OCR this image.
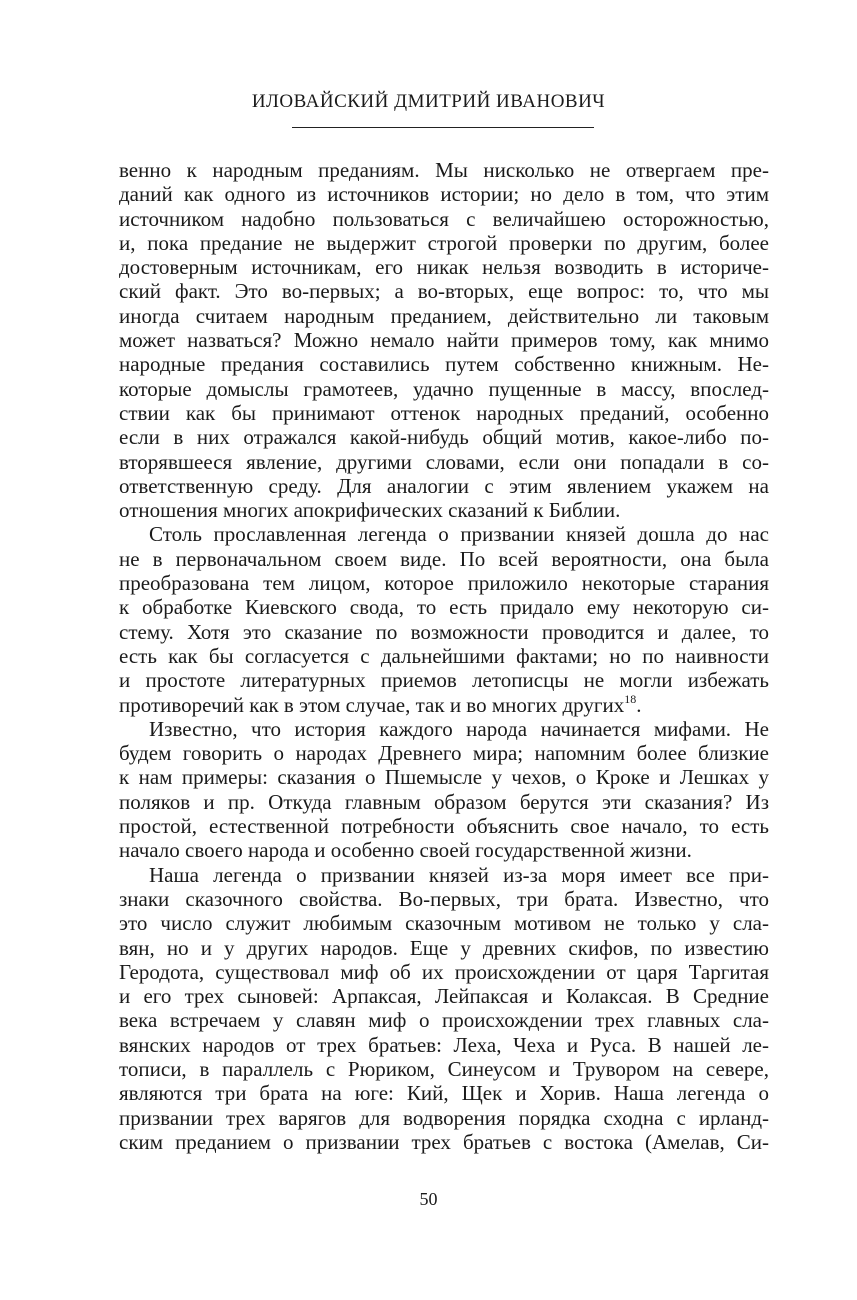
ИЛОВАЙСКИЙ ДМИТРИЙ ИВАНОВИЧ
венно к народным преданиям. Мы нисколько не отвергаем пре-
даний как одного из источников истории; но дело в том, что этим
источником надобно пользоваться с величайшею осторожностью,
и, пока предание не выдержит строгой проверки по другим, более
достоверным источникам, его никак нельзя возводить в историче-
ский факт. Это во-первых; а во-вторых, еще вопрос: то, что мы
иногда считаем народным преданием, действительно ли таковым
может назваться? Можно немало найти примеров тому, как мнимо
народные предания составились путем собственно книжным. Не-
которые домыслы грамотеев, удачно пущенные в массу, впослед-
ствии как бы принимают оттенок народных преданий, особенно
если в них отражался какой-нибудь общий мотив, какое-либо по-
вторявшееся явление, другими словами, если они попадали в со-
ответственную среду. Для аналогии с этим явлением укажем на
отношения многих апокрифических сказаний к Библии.
Столь прославленная легенда о призвании князей дошла до нас
не в первоначальном своем виде. По всей вероятности, она была
преобразована тем лицом, которое приложило некоторые старания
к обработке Киевского свода, то есть придало ему некоторую си-
стему. Хотя это сказание по возможности проводится и далее, то
есть как бы согласуется с дальнейшими фактами; но по наивности
и простоте литературных приемов летописцы не могли избежать
противоречий как в этом случае, так и во многих других$^{18}$.
Известно, что история каждого народа начинается мифами. Не
будем говорить о народах Древнего мира; напомним более близкие
к нам примеры: сказания о Пшемысле у чехов, о Кроке и Лешках у
поляков и пр. Откуда главным образом берутся эти сказания? Из
простой, естественной потребности объяснить свое начало, то есть
начало своего народа и особенно своей государственной жизни.
Наша легенда о призвании князей из-за моря имеет все при-
знаки сказочного свойства. Во-первых, три брата. Известно, что
это число служит любимым сказочным мотивом не только у сла-
вян, но и у других народов. Еще у древних скифов, по известию
Геродота, существовал миф об их происхождении от царя Таргитая
и его трех сыновей: Арпаксая, Лейпаксая и Колаксая. В Средние
века встречаем у славян миф о происхождении трех главных сла-
вянских народов от трех братьев: Леха, Чеха и Руса. В нашей ле-
тописи, в параллель с Рюриком, Синеусом и Трувором на севере,
являются три брата на юге: Кий, Щек и Хорив. Наша легенда о
призвании трех варягов для водворения порядка сходна с ирланд-
ским преданием о призвании трех братьев с востока (Амелав, Си-
50
